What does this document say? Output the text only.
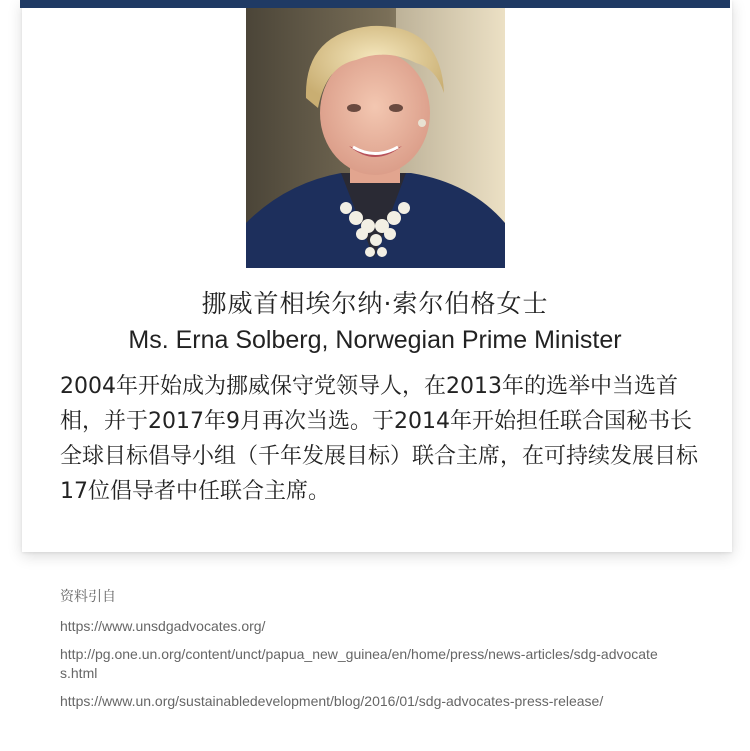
挪威首相埃尔纳·索尔伯格女士
Ms. Erna Solberg, Norwegian Prime Minister
2004年开始成为挪威保守党领导人，在2013年的选举中当选首相，并于2017年9月再次当选。于2014年开始担任联合国秘书长全球目标倡导小组（千年发展目标）联合主席，在可持续发展目标17位倡导者中任联合主席。
资料引自
https://www.unsdgadvocates.org/
http://pg.one.un.org/content/unct/papua_new_guinea/en/home/press/news-articles/sdg-advocates.html
https://www.un.org/sustainabledevelopment/blog/2016/01/sdg-advocates-press-release/
